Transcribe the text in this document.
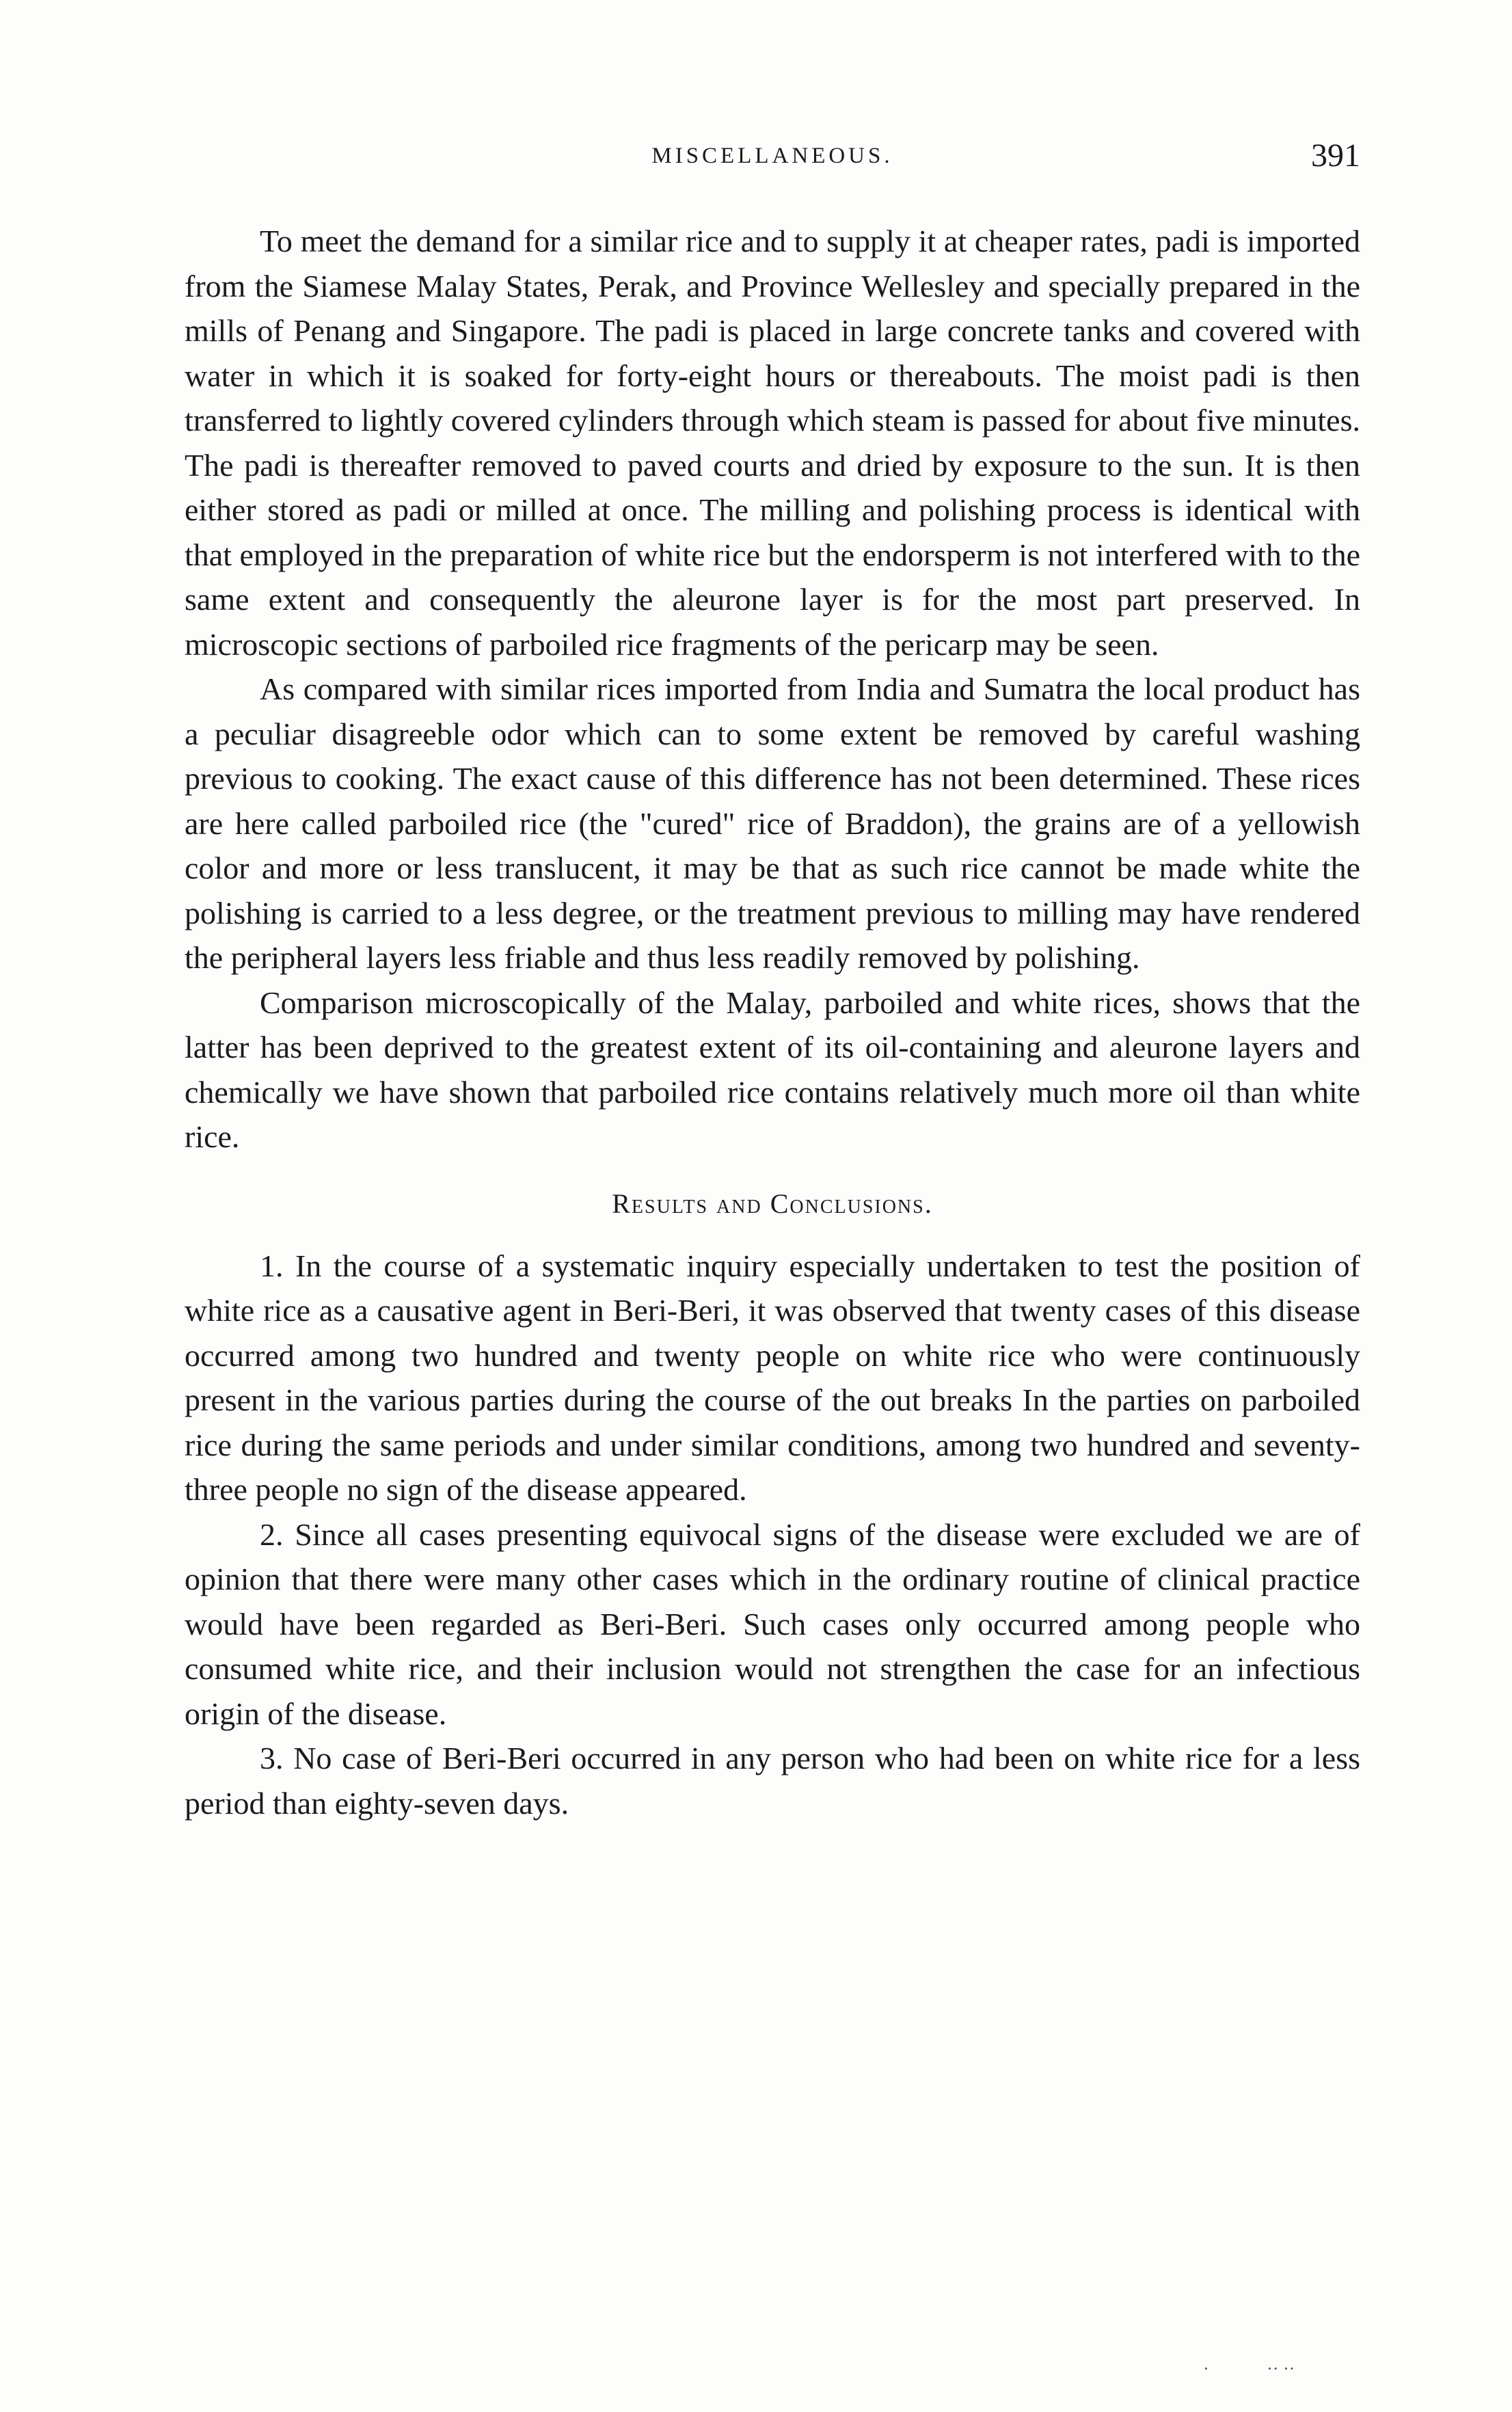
MISCELLANEOUS.	391

To meet the demand for a similar rice and to supply it at cheaper rates, padi is imported from the Siamese Malay States, Perak, and Province Wellesley and specially prepared in the mills of Penang and Singapore. The padi is placed in large concrete tanks and covered with water in which it is soaked for forty-eight hours or thereabouts. The moist padi is then transferred to lightly covered cylinders through which steam is passed for about five minutes. The padi is thereafter removed to paved courts and dried by exposure to the sun. It is then either stored as padi or milled at once. The milling and polishing process is identical with that employed in the preparation of white rice but the endorsperm is not interfered with to the same extent and consequently the aleurone layer is for the most part preserved. In microscopic sections of parboiled rice fragments of the pericarp may be seen.

As compared with similar rices imported from India and Sumatra the local product has a peculiar disagreeble odor which can to some extent be removed by careful washing previous to cooking. The exact cause of this difference has not been determined. These rices are here called parboiled rice (the "cured" rice of Braddon), the grains are of a yellowish color and more or less translucent, it may be that as such rice cannot be made white the polishing is carried to a less degree, or the treatment previous to milling may have rendered the peripheral layers less friable and thus less readily removed by polishing.

Comparison microscopically of the Malay, parboiled and white rices, shows that the latter has been deprived to the greatest extent of its oil-containing and aleurone layers and chemically we have shown that parboiled rice contains relatively much more oil than white rice.

Results and Conclusions.

1. In the course of a systematic inquiry especially undertaken to test the position of white rice as a causative agent in Beri-Beri, it was observed that twenty cases of this disease occurred among two hundred and twenty people on white rice who were continuously present in the various parties during the course of the out breaks In the parties on parboiled rice during the same periods and under similar conditions, among two hundred and seventy-three people no sign of the disease appeared.

2. Since all cases presenting equivocal signs of the disease were excluded we are of opinion that there were many other cases which in the ordinary routine of clinical practice would have been regarded as Beri-Beri. Such cases only occurred among people who consumed white rice, and their inclusion would not strengthen the case for an infectious origin of the disease.

3. No case of Beri-Beri occurred in any person who had been on white rice for a less period than eighty-seven days.

·             ·· ··
